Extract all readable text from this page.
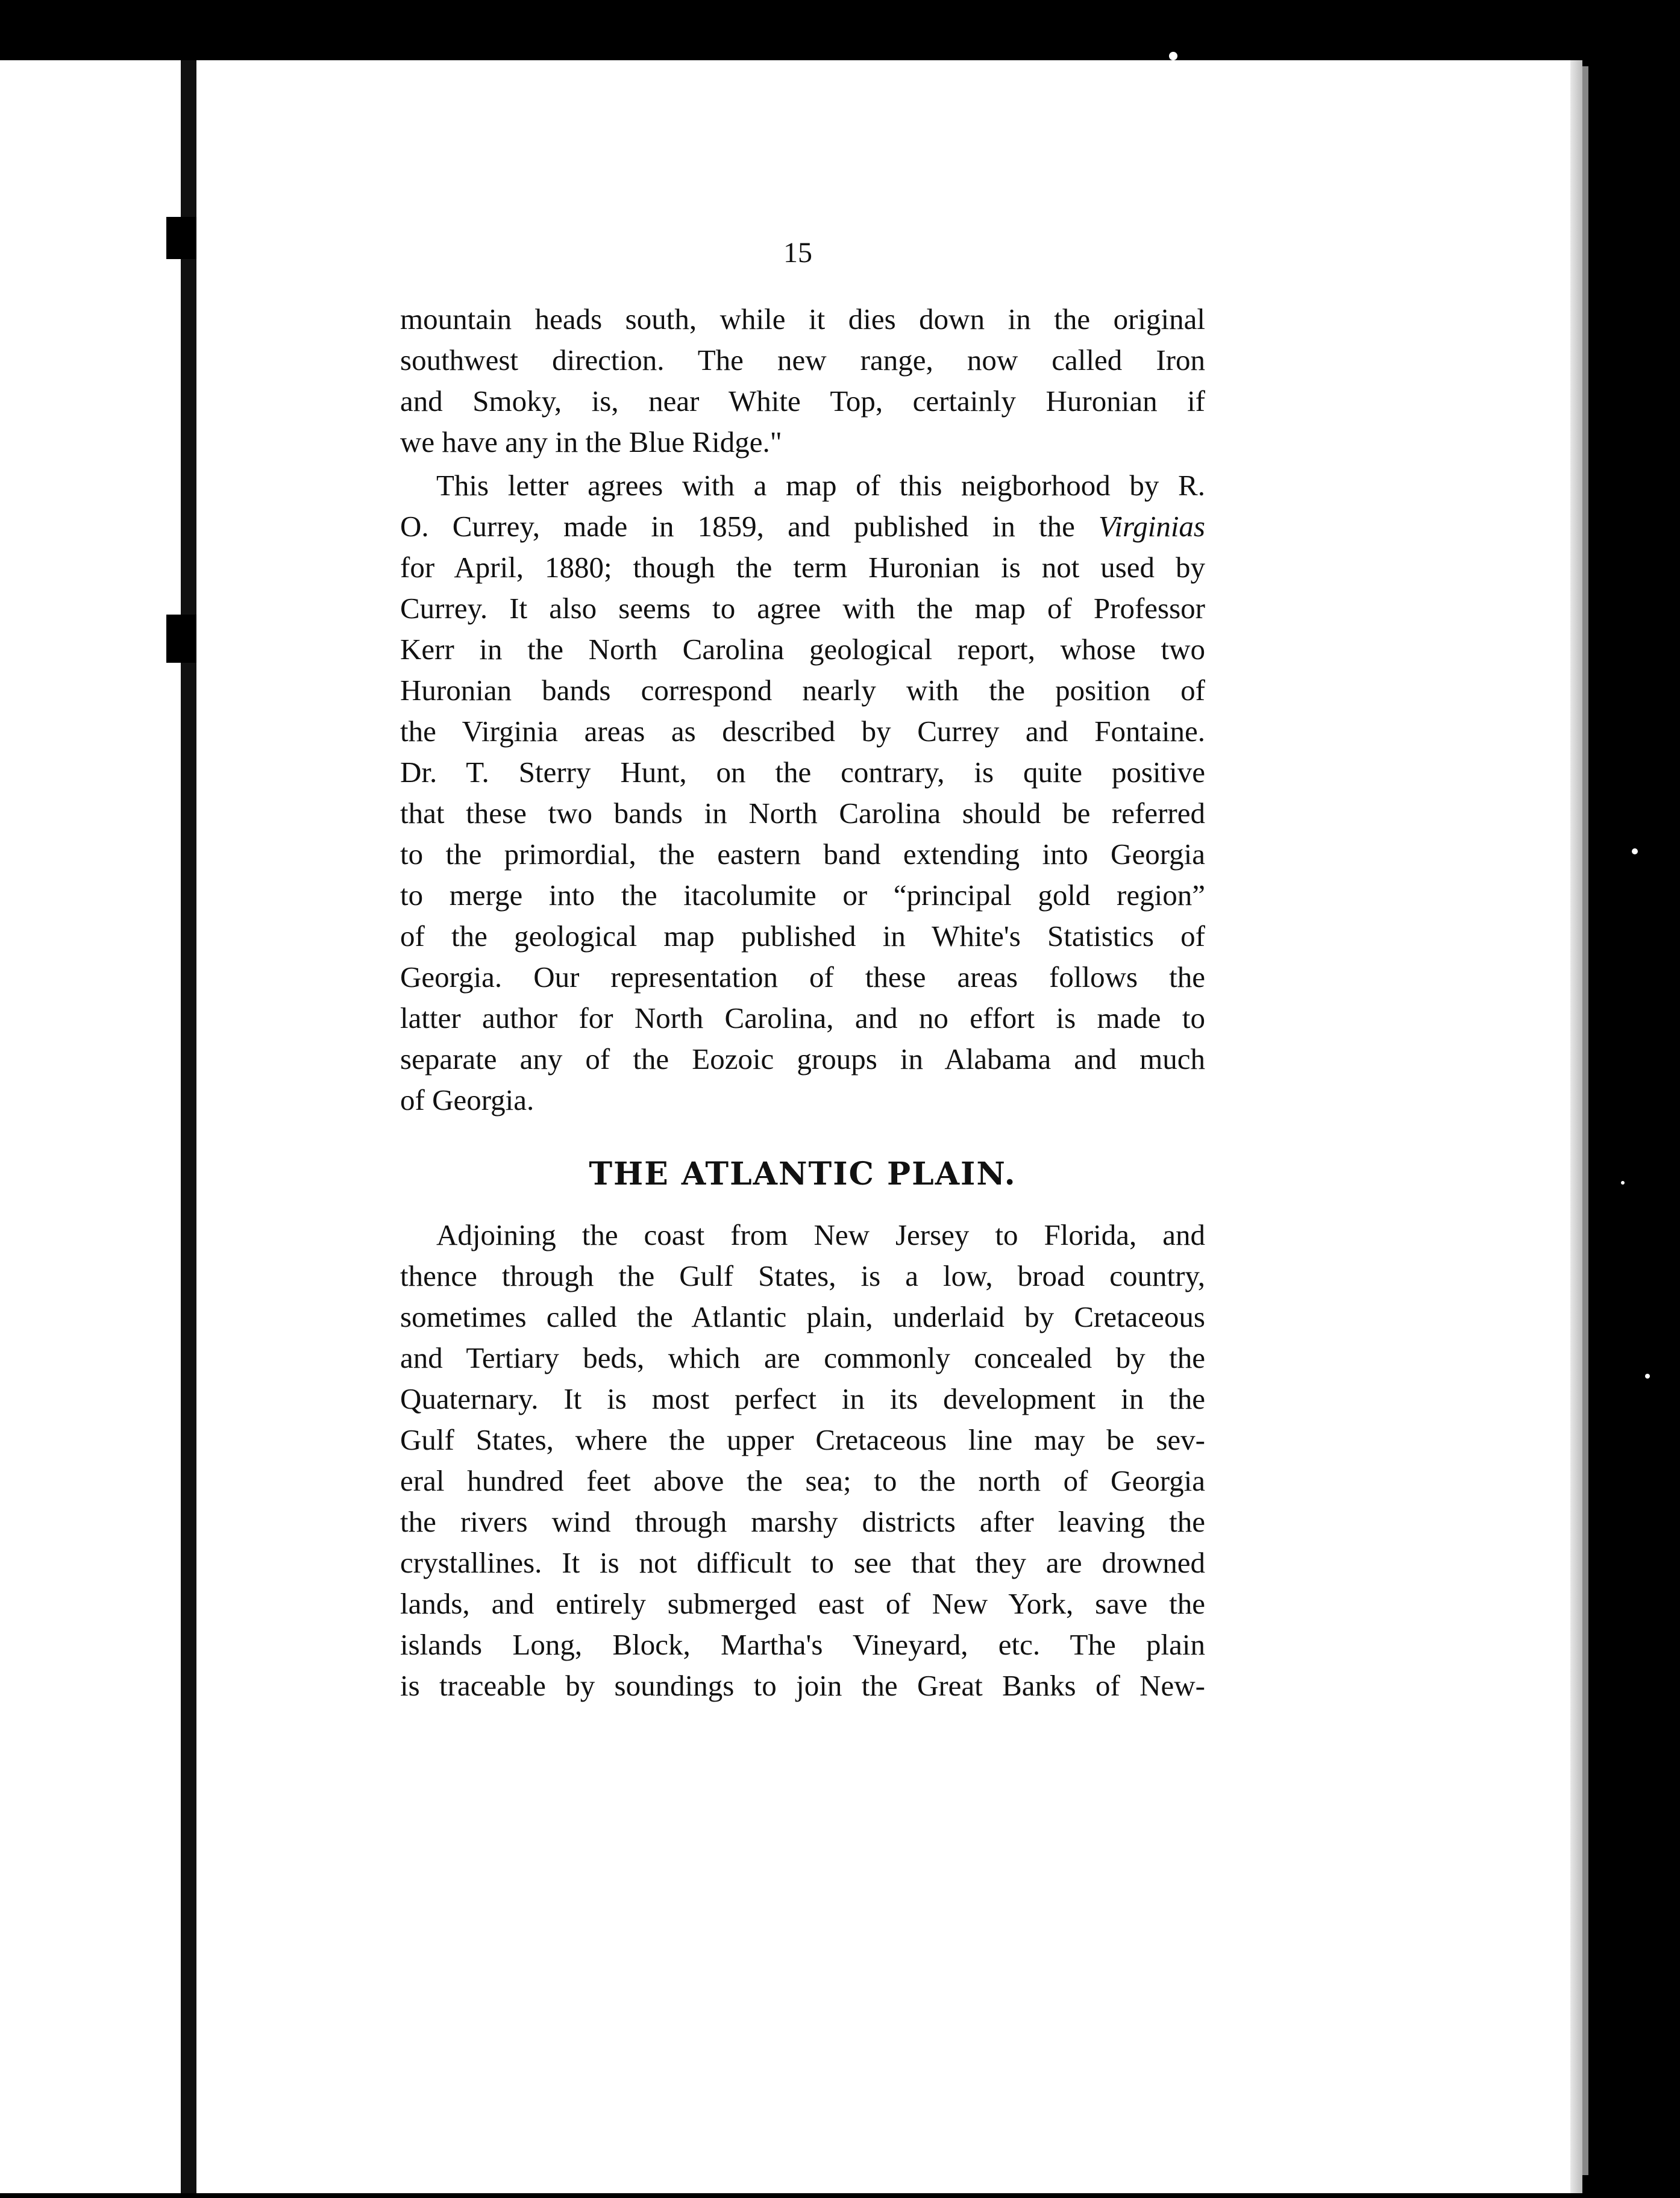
15
mountain heads south, while it dies down in the original
southwest direction. The new range, now called Iron
and Smoky, is, near White Top, certainly Huronian if
we have any in the Blue Ridge."
This letter agrees with a map of this neigborhood by R.
O. Currey, made in 1859, and published in the Virginias
for April, 1880; though the term Huronian is not used by
Currey. It also seems to agree with the map of Professor
Kerr in the North Carolina geological report, whose two
Huronian bands correspond nearly with the position of
the Virginia areas as described by Currey and Fontaine.
Dr. T. Sterry Hunt, on the contrary, is quite positive
that these two bands in North Carolina should be referred
to the primordial, the eastern band extending into Georgia
to merge into the itacolumite or “principal gold region”
of the geological map published in White's Statistics of
Georgia. Our representation of these areas follows the
latter author for North Carolina, and no effort is made to
separate any of the Eozoic groups in Alabama and much
of Georgia.
THE ATLANTIC PLAIN.
Adjoining the coast from New Jersey to Florida, and
thence through the Gulf States, is a low, broad country,
sometimes called the Atlantic plain, underlaid by Cretaceous
and Tertiary beds, which are commonly concealed by the
Quaternary. It is most perfect in its development in the
Gulf States, where the upper Cretaceous line may be sev-
eral hundred feet above the sea; to the north of Georgia
the rivers wind through marshy districts after leaving the
crystallines. It is not difficult to see that they are drowned
lands, and entirely submerged east of New York, save the
islands Long, Block, Martha's Vineyard, etc. The plain
is traceable by soundings to join the Great Banks of New-
